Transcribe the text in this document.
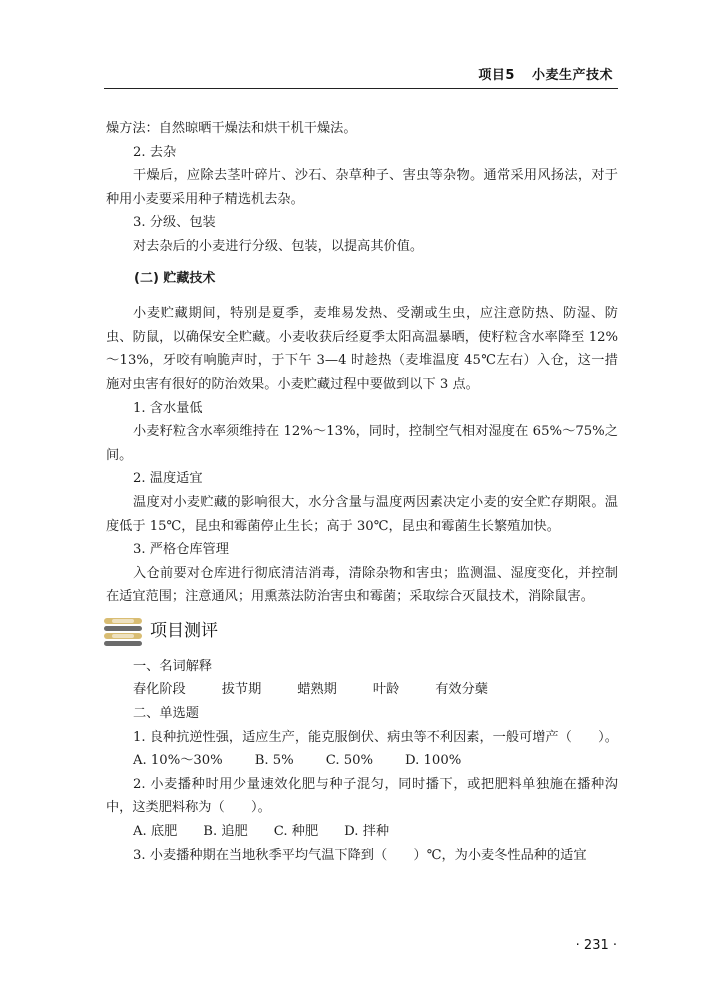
项目5 小麦生产技术

燥方法：自然晾晒干燥法和烘干机干燥法。

2. 去杂

干燥后，应除去茎叶碎片、沙石、杂草种子、害虫等杂物。通常采用风扬法，对于种用小麦要采用种子精选机去杂。

3. 分级、包装

对去杂后的小麦进行分级、包装，以提高其价值。

(二) 贮藏技术

小麦贮藏期间，特别是夏季，麦堆易发热、受潮或生虫，应注意防热、防湿、防虫、防鼠，以确保安全贮藏。小麦收获后经夏季太阳高温暴晒，使籽粒含水率降至 12%～13%，牙咬有响脆声时，于下午 3—4 时趁热（麦堆温度 45℃左右）入仓，这一措施对虫害有很好的防治效果。小麦贮藏过程中要做到以下 3 点。

1. 含水量低

小麦籽粒含水率须维持在 12%～13%，同时，控制空气相对湿度在 65%～75%之间。

2. 温度适宜

温度对小麦贮藏的影响很大，水分含量与温度两因素决定小麦的安全贮存期限。温度低于 15℃，昆虫和霉菌停止生长；高于 30℃，昆虫和霉菌生长繁殖加快。

3. 严格仓库管理

入仓前要对仓库进行彻底清洁消毒，清除杂物和害虫；监测温、湿度变化，并控制在适宜范围；注意通风；用熏蒸法防治害虫和霉菌；采取综合灭鼠技术，消除鼠害。

项目测评

一、名词解释

春化阶段	拔节期	蜡熟期	叶龄	有效分蘖

二、单选题

1. 良种抗逆性强，适应生产，能克服倒伏、病虫等不利因素，一般可增产（　　）。

A. 10%～30% B. 5% C. 50% D. 100%

2. 小麦播种时用少量速效化肥与种子混匀，同时播下，或把肥料单独施在播种沟中，这类肥料称为（　　）。

A. 底肥 B. 追肥 C. 种肥 D. 拌种

3. 小麦播种期在当地秋季平均气温下降到（　　）℃，为小麦冬性品种的适宜

· 231 ·
